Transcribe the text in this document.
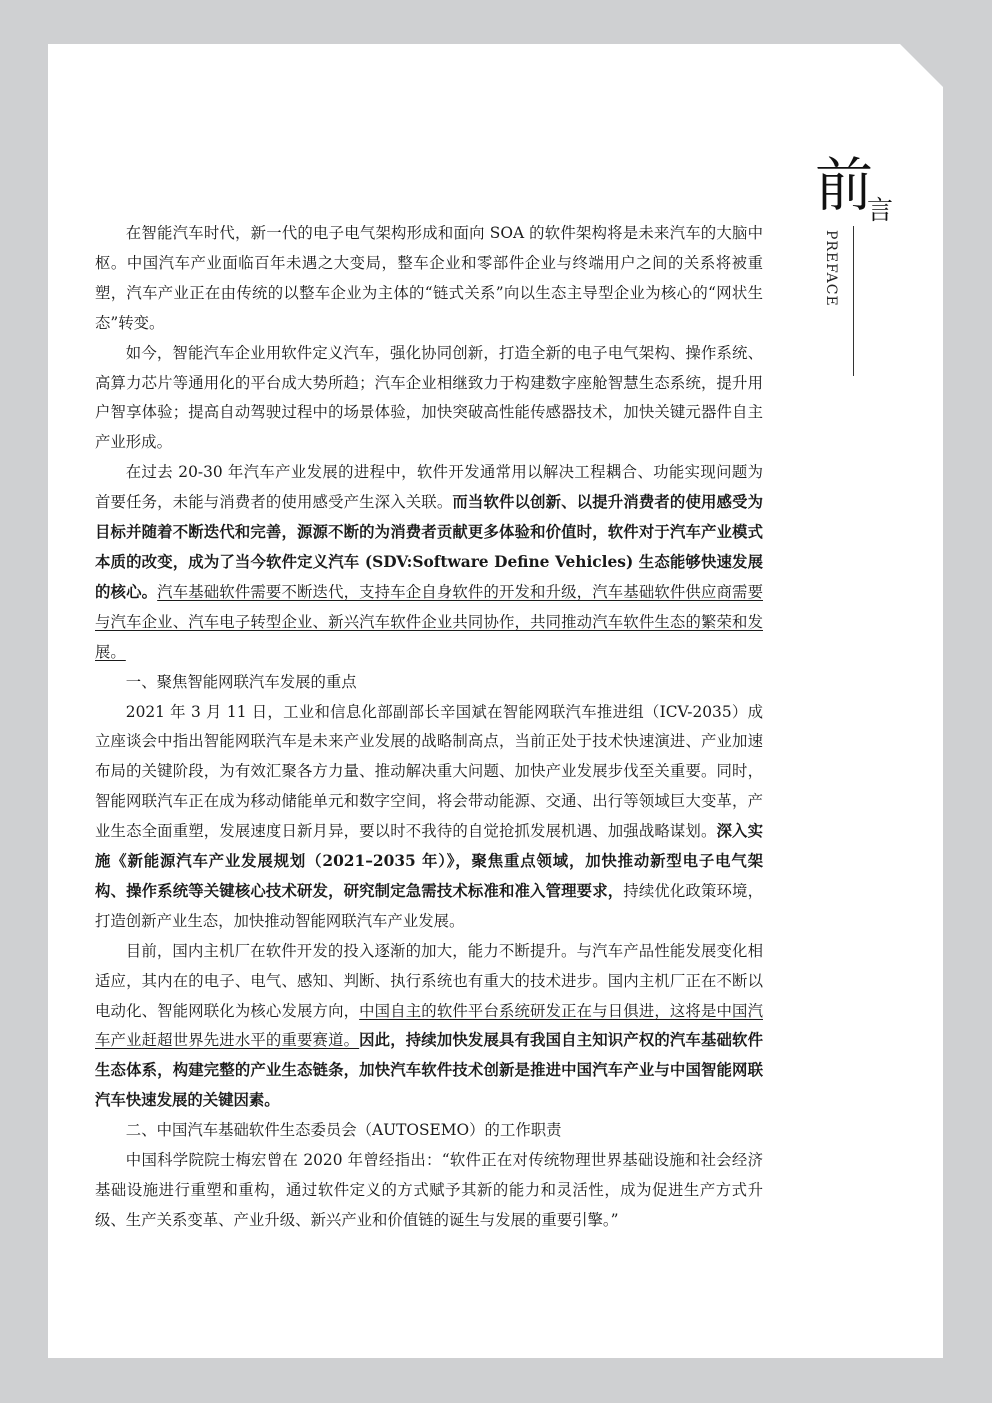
前
言
PREFACE

在智能汽车时代，新一代的电子电气架构形成和面向 SOA 的软件架构将是未来汽车的大脑中枢。中国汽车产业面临百年未遇之大变局，整车企业和零部件企业与终端用户之间的关系将被重塑，汽车产业正在由传统的以整车企业为主体的“链式关系”向以生态主导型企业为核心的“网状生态”转变。

如今，智能汽车企业用软件定义汽车，强化协同创新，打造全新的电子电气架构、操作系统、高算力芯片等通用化的平台成大势所趋；汽车企业相继致力于构建数字座舱智慧生态系统，提升用户智享体验；提高自动驾驶过程中的场景体验，加快突破高性能传感器技术，加快关键元器件自主产业形成。

在过去 20-30 年汽车产业发展的进程中，软件开发通常用以解决工程耦合、功能实现问题为首要任务，未能与消费者的使用感受产生深入关联。而当软件以创新、以提升消费者的使用感受为目标并随着不断迭代和完善，源源不断的为消费者贡献更多体验和价值时，软件对于汽车产业模式本质的改变，成为了当今软件定义汽车 (SDV:Software Define Vehicles) 生态能够快速发展的核心。汽车基础软件需要不断迭代，支持车企自身软件的开发和升级，汽车基础软件供应商需要与汽车企业、汽车电子转型企业、新兴汽车软件企业共同协作，共同推动汽车软件生态的繁荣和发展。

一、聚焦智能网联汽车发展的重点

2021 年 3 月 11 日，工业和信息化部副部长辛国斌在智能网联汽车推进组（ICV-2035）成立座谈会中指出智能网联汽车是未来产业发展的战略制高点，当前正处于技术快速演进、产业加速布局的关键阶段，为有效汇聚各方力量、推动解决重大问题、加快产业发展步伐至关重要。同时，智能网联汽车正在成为移动储能单元和数字空间，将会带动能源、交通、出行等领域巨大变革，产业生态全面重塑，发展速度日新月异，要以时不我待的自觉抢抓发展机遇、加强战略谋划。深入实施《新能源汽车产业发展规划（2021–2035 年）》，聚焦重点领域，加快推动新型电子电气架构、操作系统等关键核心技术研发，研究制定急需技术标准和准入管理要求，持续优化政策环境，打造创新产业生态，加快推动智能网联汽车产业发展。

目前，国内主机厂在软件开发的投入逐渐的加大，能力不断提升。与汽车产品性能发展变化相适应，其内在的电子、电气、感知、判断、执行系统也有重大的技术进步。国内主机厂正在不断以电动化、智能网联化为核心发展方向，中国自主的软件平台系统研发正在与日俱进，这将是中国汽车产业赶超世界先进水平的重要赛道。因此，持续加快发展具有我国自主知识产权的汽车基础软件生态体系，构建完整的产业生态链条，加快汽车软件技术创新是推进中国汽车产业与中国智能网联汽车快速发展的关键因素。

二、中国汽车基础软件生态委员会（AUTOSEMO）的工作职责

中国科学院院士梅宏曾在 2020 年曾经指出：“软件正在对传统物理世界基础设施和社会经济基础设施进行重塑和重构，通过软件定义的方式赋予其新的能力和灵活性，成为促进生产方式升级、生产关系变革、产业升级、新兴产业和价值链的诞生与发展的重要引擎。”
